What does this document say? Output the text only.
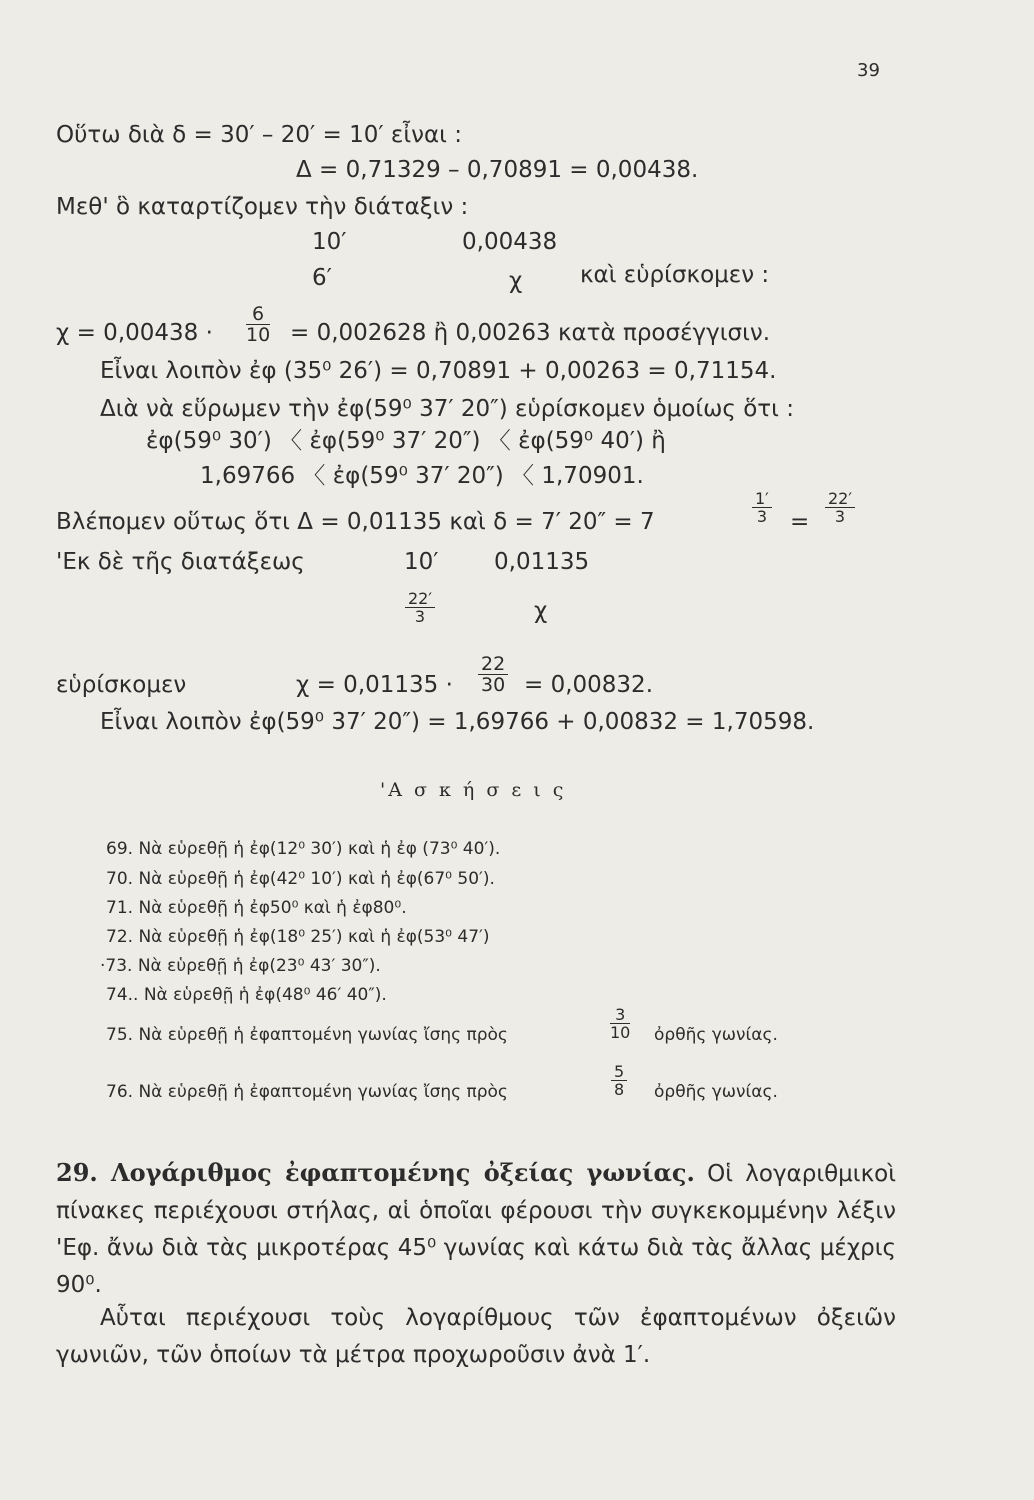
39
Οὕτω διὰ δ = 30′ – 20′ = 10′ εἶναι :
Δ = 0,71329 – 0,70891 = 0,00438.
Μεθ' ὃ καταρτίζομεν τὴν διάταξιν :
10′	0,00438
6′	χ	καὶ εὑρίσκομεν :
$\chi = 0,00438 \cdot \frac{6}{10} = 0,002628$ ἢ 0,00263 κατὰ προσέγγισιν.
Εἶναι λοιπὸν ἐφ (35⁰ 26′) = 0,70891 + 0,00263 = 0,71154.
Διὰ νὰ εὕρωμεν τὴν ἐφ(59⁰ 37′ 20″) εὑρίσκομεν ὁμοίως ὅτι :
ἐφ(59⁰ 30′) 〈 ἐφ(59⁰ 37′ 20″) 〈 ἐφ(59⁰ 40′) ἢ
1,69766 〈 ἐφ(59⁰ 37′ 20″) 〈 1,70901.
Βλέπομεν οὕτως ὅτι Δ = 0,01135 καὶ δ = 7′ 20″ = 7	$\frac{1'}{3} = \frac{22'}{3}$
'Εκ δὲ τῆς διατάξεως	10′ 0,01135
$\frac{22'}{3}$	χ
εὑρίσκομεν	$\chi = 0,01135 \cdot \frac{22}{30} = 0,00832$.
Εἶναι λοιπὸν ἐφ(59⁰ 37′ 20″) = 1,69766 + 0,00832 = 1,70598.
'Α σ κ ή σ ε ι ς
69. Νὰ εὑρεθῇ ἡ ἐφ(12⁰ 30′) καὶ ἡ ἐφ (73⁰ 40′).
70. Νὰ εὑρεθῇ ἡ ἐφ(42⁰ 10′) καὶ ἡ ἐφ(67⁰ 50′).
71. Νὰ εὑρεθῇ ἡ ἐφ50⁰ καὶ ἡ ἐφ80⁰.
72. Νὰ εὑρεθῇ ἡ ἐφ(18⁰ 25′) καὶ ἡ ἐφ(53⁰ 47′)
·73. Νὰ εὑρεθῇ ἡ ἐφ(23⁰ 43′ 30″).
74.. Νὰ εὑρεθῇ ἡ ἐφ(48⁰ 46′ 40″).
75. Νὰ εὑρεθῇ ἡ ἐφαπτομένη γωνίας ἴσης πρὸς	$\frac{3}{10}$ ὀρθῆς γωνίας.
76. Νὰ εὑρεθῇ ἡ ἐφαπτομένη γωνίας ἴσης πρὸς	$\frac{5}{8}$ ὀρθῆς γωνίας.
29. Λογάριθμος ἐφαπτομένης ὀξείας γωνίας. Οἱ λογαριθμικοὶ πίνακες περιέχουσι στήλας, αἱ ὁποῖαι φέρουσι τὴν συγκεκομμένην λέξιν 'Εφ. ἄνω διὰ τὰς μικροτέρας 45⁰ γωνίας καὶ κάτω διὰ τὰς ἄλλας μέχρις 90⁰.
Αὗται περιέχουσι τοὺς λογαρίθμους τῶν ἐφαπτομένων ὀξειῶν γωνιῶν, τῶν ὁποίων τὰ μέτρα προχωροῦσιν ἀνὰ 1′.
